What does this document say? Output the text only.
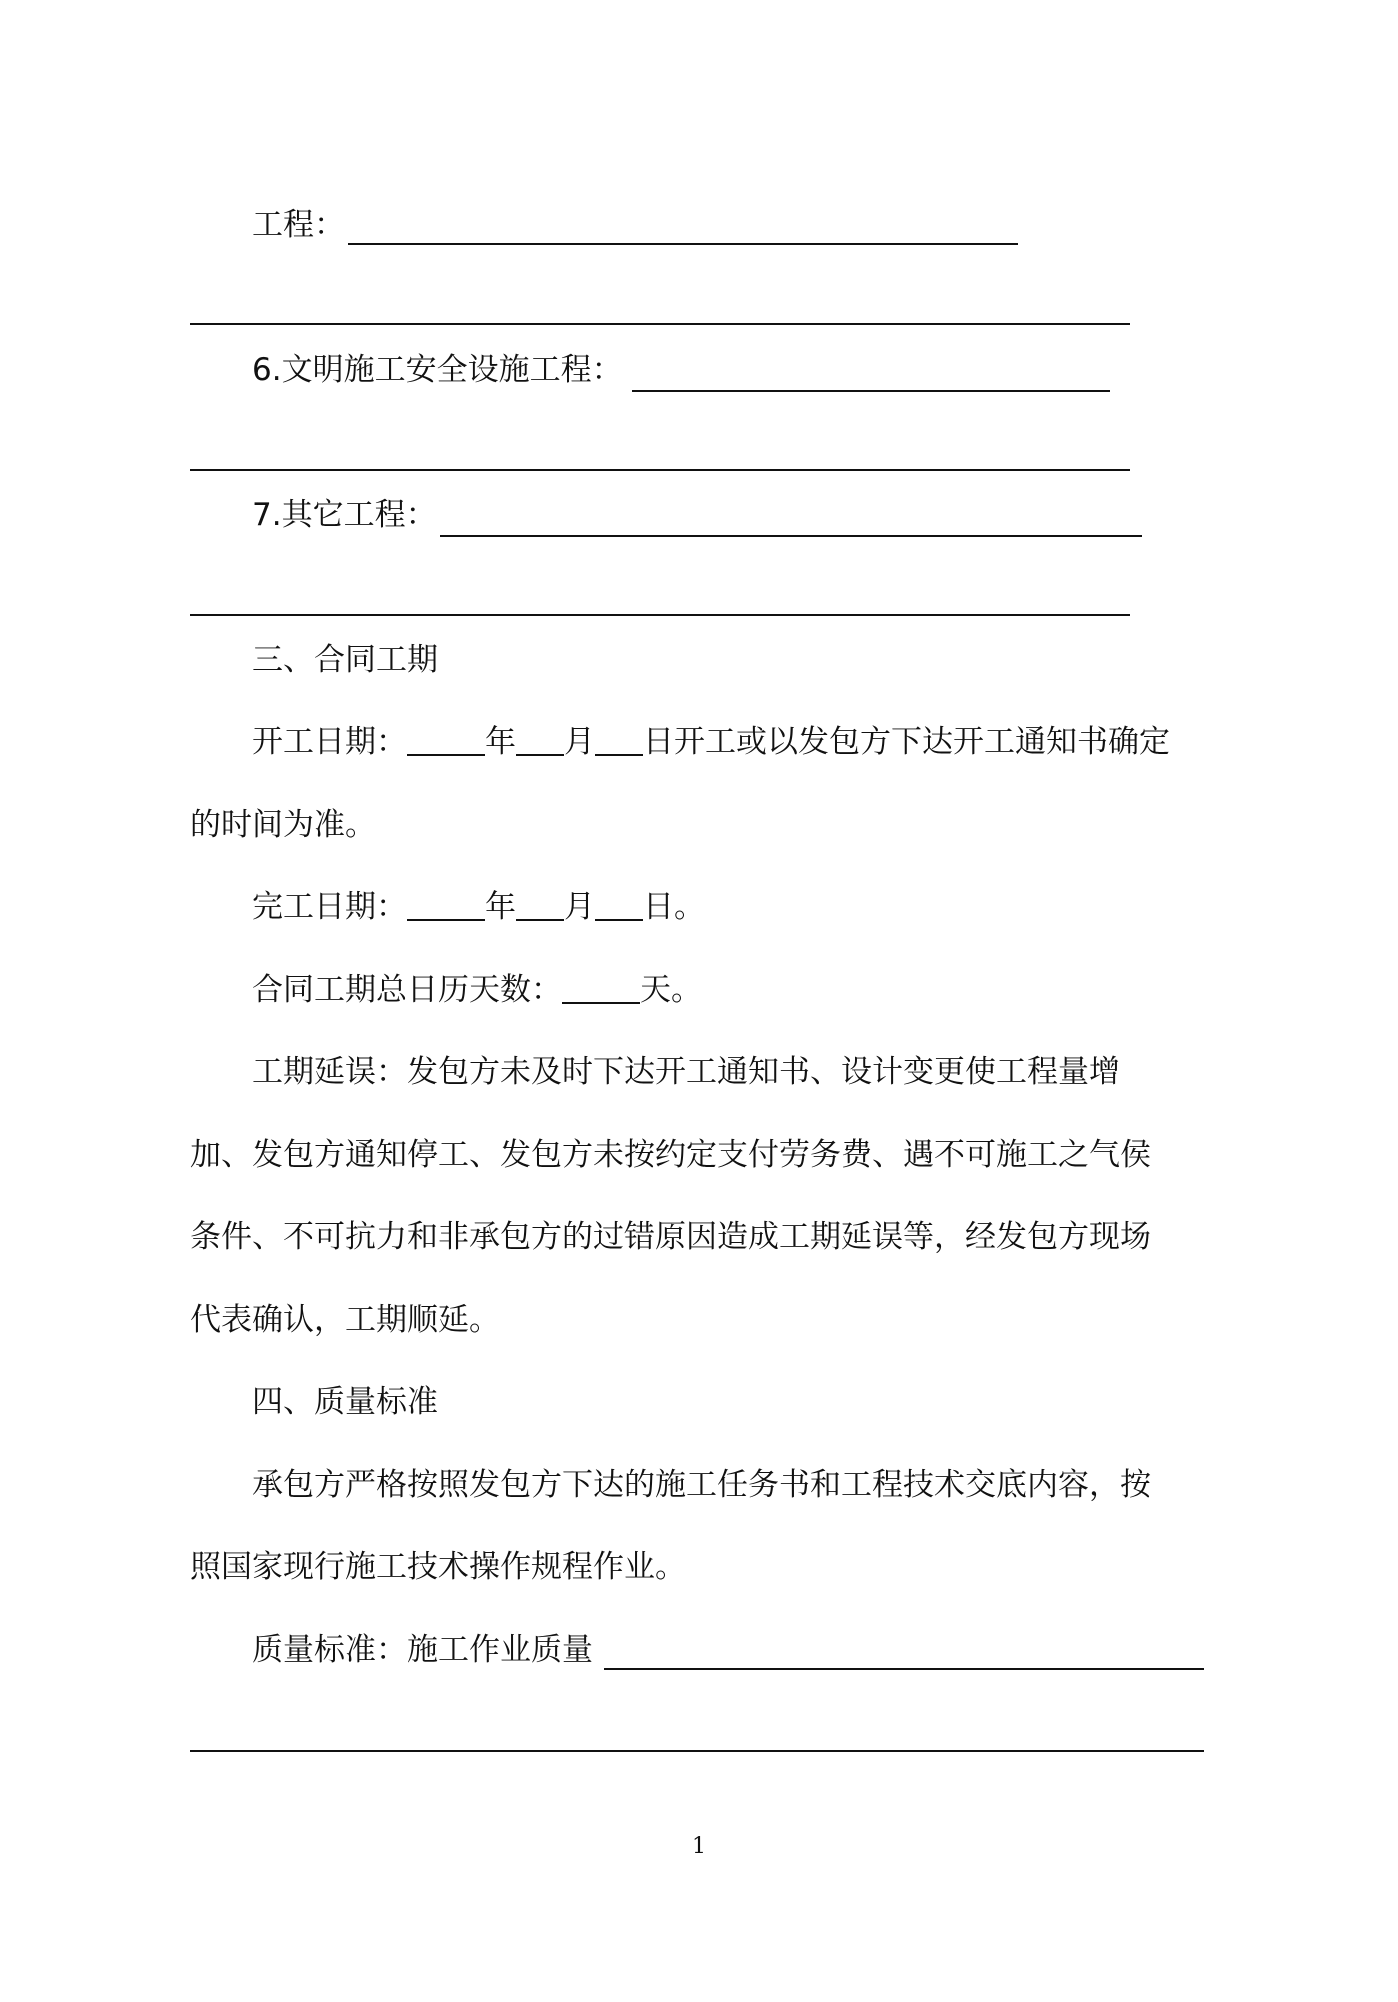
工程：
6.文明施工安全设施工程：
7.其它工程：
三、合同工期
开工日期：	年 月 日开工或以发包方下达开工通知书确定
的时间为准。
完工日期：	年 月 日。
合同工期总日历天数：	天。
工期延误：发包方未及时下达开工通知书、设计变更使工程量增
加、发包方通知停工、发包方未按约定支付劳务费、遇不可施工之气侯
条件、不可抗力和非承包方的过错原因造成工期延误等，经发包方现场
代表确认，工期顺延。
四、质量标准
承包方严格按照发包方下达的施工任务书和工程技术交底内容，按
照国家现行施工技术操作规程作业。
质量标准：施工作业质量
1
